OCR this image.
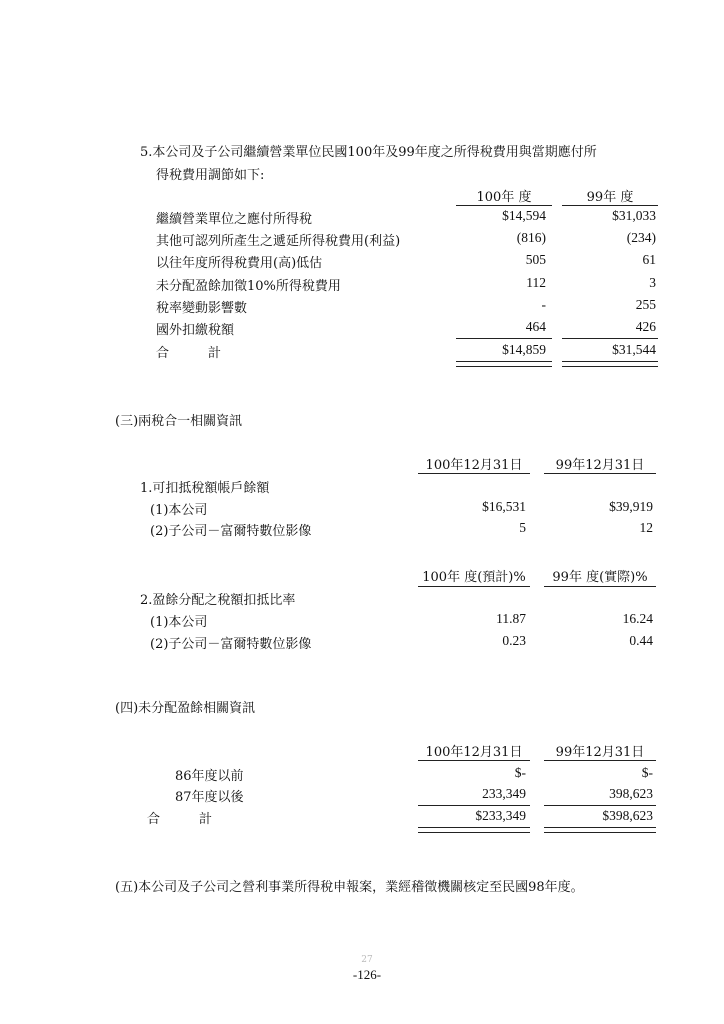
5.本公司及子公司繼續營業單位民國100年及99年度之所得稅費用與當期應付所
得稅費用調節如下:
100年 度	99年 度
繼續營業單位之應付所得稅	$14,594	$31,033
其他可認列所產生之遞延所得稅費用(利益)	(816)	(234)
以往年度所得稅費用(高)低估	505	61
未分配盈餘加徵10%所得稅費用	112	3
稅率變動影響數	-	255
國外扣繳稅額	464	426
合　　　計	$14,859	$31,544
(三)兩稅合一相關資訊
100年12月31日	99年12月31日
1.可扣抵稅額帳戶餘額
(1)本公司	$16,531	$39,919
(2)子公司－富爾特數位影像	5	12
100年 度(預計)%	99年 度(實際)%
2.盈餘分配之稅額扣抵比率
(1)本公司	11.87	16.24
(2)子公司－富爾特數位影像	0.23	0.44
(四)未分配盈餘相關資訊
100年12月31日	99年12月31日
86年度以前	$-	$-
87年度以後	233,349	398,623
合　　　計	$233,349	$398,623
(五)本公司及子公司之營利事業所得稅申報案，業經稽徵機關核定至民國98年度。
27
-126-
